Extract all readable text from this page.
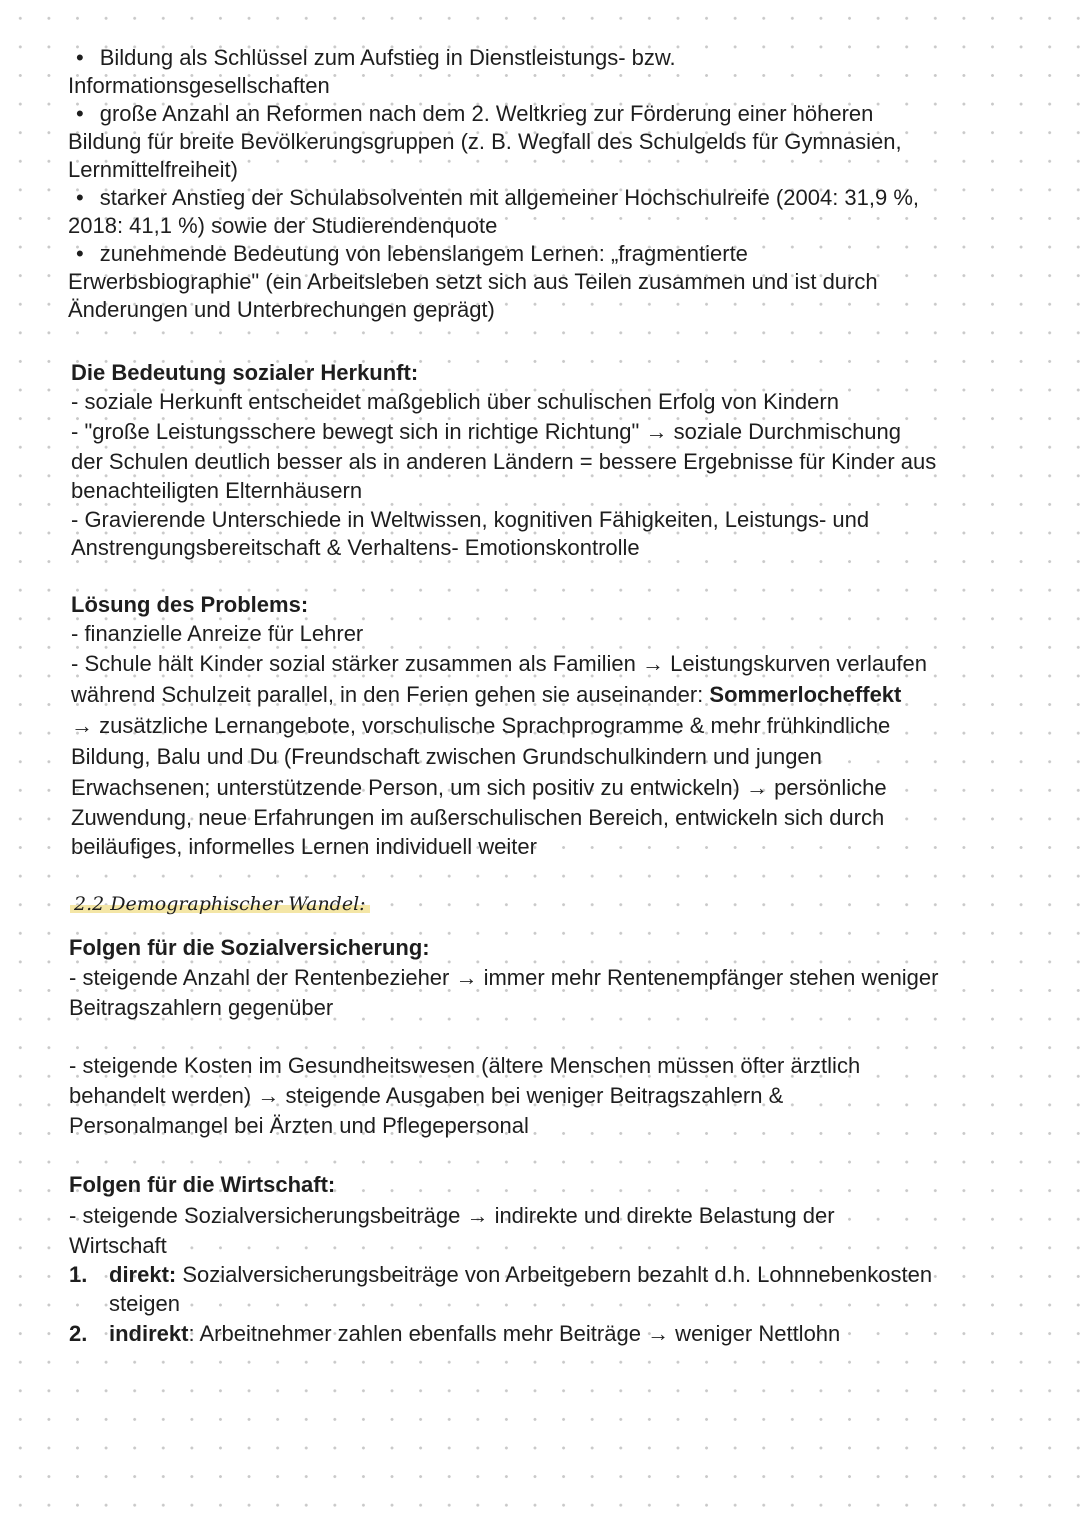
• Bildung als Schlüssel zum Aufstieg in Dienstleistungs- bzw.
Informationsgesellschaften
• große Anzahl an Reformen nach dem 2. Weltkrieg zur Förderung einer höheren
Bildung für breite Bevölkerungsgruppen (z. B. Wegfall des Schulgelds für Gymnasien,
Lernmittelfreiheit)
• starker Anstieg der Schulabsolventen mit allgemeiner Hochschulreife (2004: 31,9 %,
2018: 41,1 %) sowie der Studierendenquote
• zunehmende Bedeutung von lebenslangem Lernen: „fragmentierte
Erwerbsbiographie" (ein Arbeitsleben setzt sich aus Teilen zusammen und ist durch
Änderungen und Unterbrechungen geprägt)
Die Bedeutung sozialer Herkunft:
- soziale Herkunft entscheidet maßgeblich über schulischen Erfolg von Kindern
- "große Leistungsschere bewegt sich in richtige Richtung" → soziale Durchmischung
der Schulen deutlich besser als in anderen Ländern = bessere Ergebnisse für Kinder aus
benachteiligten Elternhäusern
- Gravierende Unterschiede in Weltwissen, kognitiven Fähigkeiten, Leistungs- und
Anstrengungsbereitschaft & Verhaltens- Emotionskontrolle
Lösung des Problems:
- finanzielle Anreize für Lehrer
- Schule hält Kinder sozial stärker zusammen als Familien → Leistungskurven verlaufen
während Schulzeit parallel, in den Ferien gehen sie auseinander: Sommerlocheffekt
→ zusätzliche Lernangebote, vorschulische Sprachprogramme & mehr frühkindliche
Bildung, Balu und Du (Freundschaft zwischen Grundschulkindern und jungen
Erwachsenen; unterstützende Person, um sich positiv zu entwickeln) → persönliche
Zuwendung, neue Erfahrungen im außerschulischen Bereich, entwickeln sich durch
beiläufiges, informelles Lernen individuell weiter
2.2 Demographischer Wandel:
Folgen für die Sozialversicherung:
- steigende Anzahl der Rentenbezieher → immer mehr Rentenempfänger stehen weniger
Beitragszahlern gegenüber
- steigende Kosten im Gesundheitswesen (ältere Menschen müssen öfter ärztlich
behandelt werden) → steigende Ausgaben bei weniger Beitragszahlern &
Personalmangel bei Ärzten und Pflegepersonal
Folgen für die Wirtschaft:
- steigende Sozialversicherungsbeiträge → indirekte und direkte Belastung der
Wirtschaft
1. direkt: Sozialversicherungsbeiträge von Arbeitgebern bezahlt d.h. Lohnnebenkosten
steigen
2. indirekt: Arbeitnehmer zahlen ebenfalls mehr Beiträge → weniger Nettlohn
